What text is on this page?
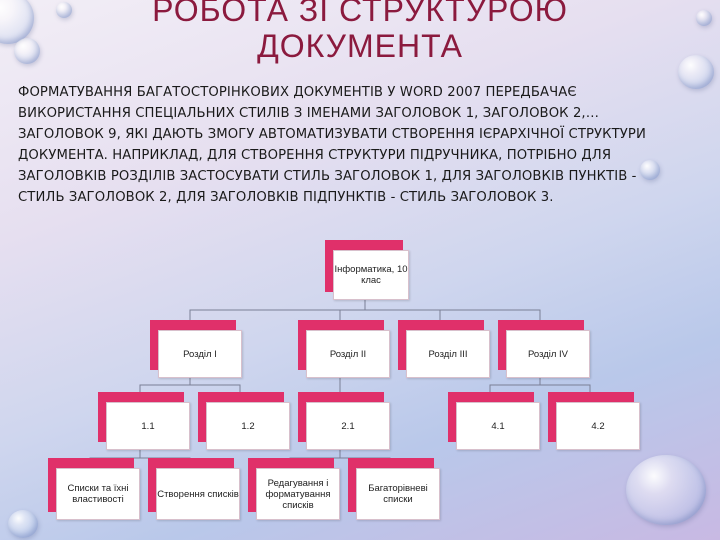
РОБОТА ЗІ СТРУКТУРОЮ
ДОКУМЕНТА
ФОРМАТУВАННЯ БАГАТОСТОРІНКОВИХ ДОКУМЕНТІВ У WORD 2007 ПЕРЕДБАЧАЄ
ВИКОРИСТАННЯ СПЕЦІАЛЬНИХ СТИЛІВ З ІМЕНАМИ ЗАГОЛОВОК 1, ЗАГОЛОВОК 2,…
ЗАГОЛОВОК 9, ЯКІ ДАЮТЬ ЗМОГУ АВТОМАТИЗУВАТИ СТВОРЕННЯ ІЄРАРХІЧНОЇ СТРУКТУРИ
ДОКУМЕНТА. НАПРИКЛАД, ДЛЯ СТВОРЕННЯ СТРУКТУРИ ПІДРУЧНИКА, ПОТРІБНО ДЛЯ
ЗАГОЛОВКІВ РОЗДІЛІВ ЗАСТОСУВАТИ СТИЛЬ ЗАГОЛОВОК 1, ДЛЯ ЗАГОЛОВКІВ ПУНКТІВ -
СТИЛЬ ЗАГОЛОВОК 2, ДЛЯ ЗАГОЛОВКІВ ПІДПУНКТІВ - СТИЛЬ ЗАГОЛОВОК 3.
Інформатика, 10 клас
Розділ I	Розділ II	Розділ III	Розділ IV
1.1	1.2	2.1	4.1	4.2
Списки та їхні властивості	Створення списків
Редагування і форматування списків
Багаторівневі списки
